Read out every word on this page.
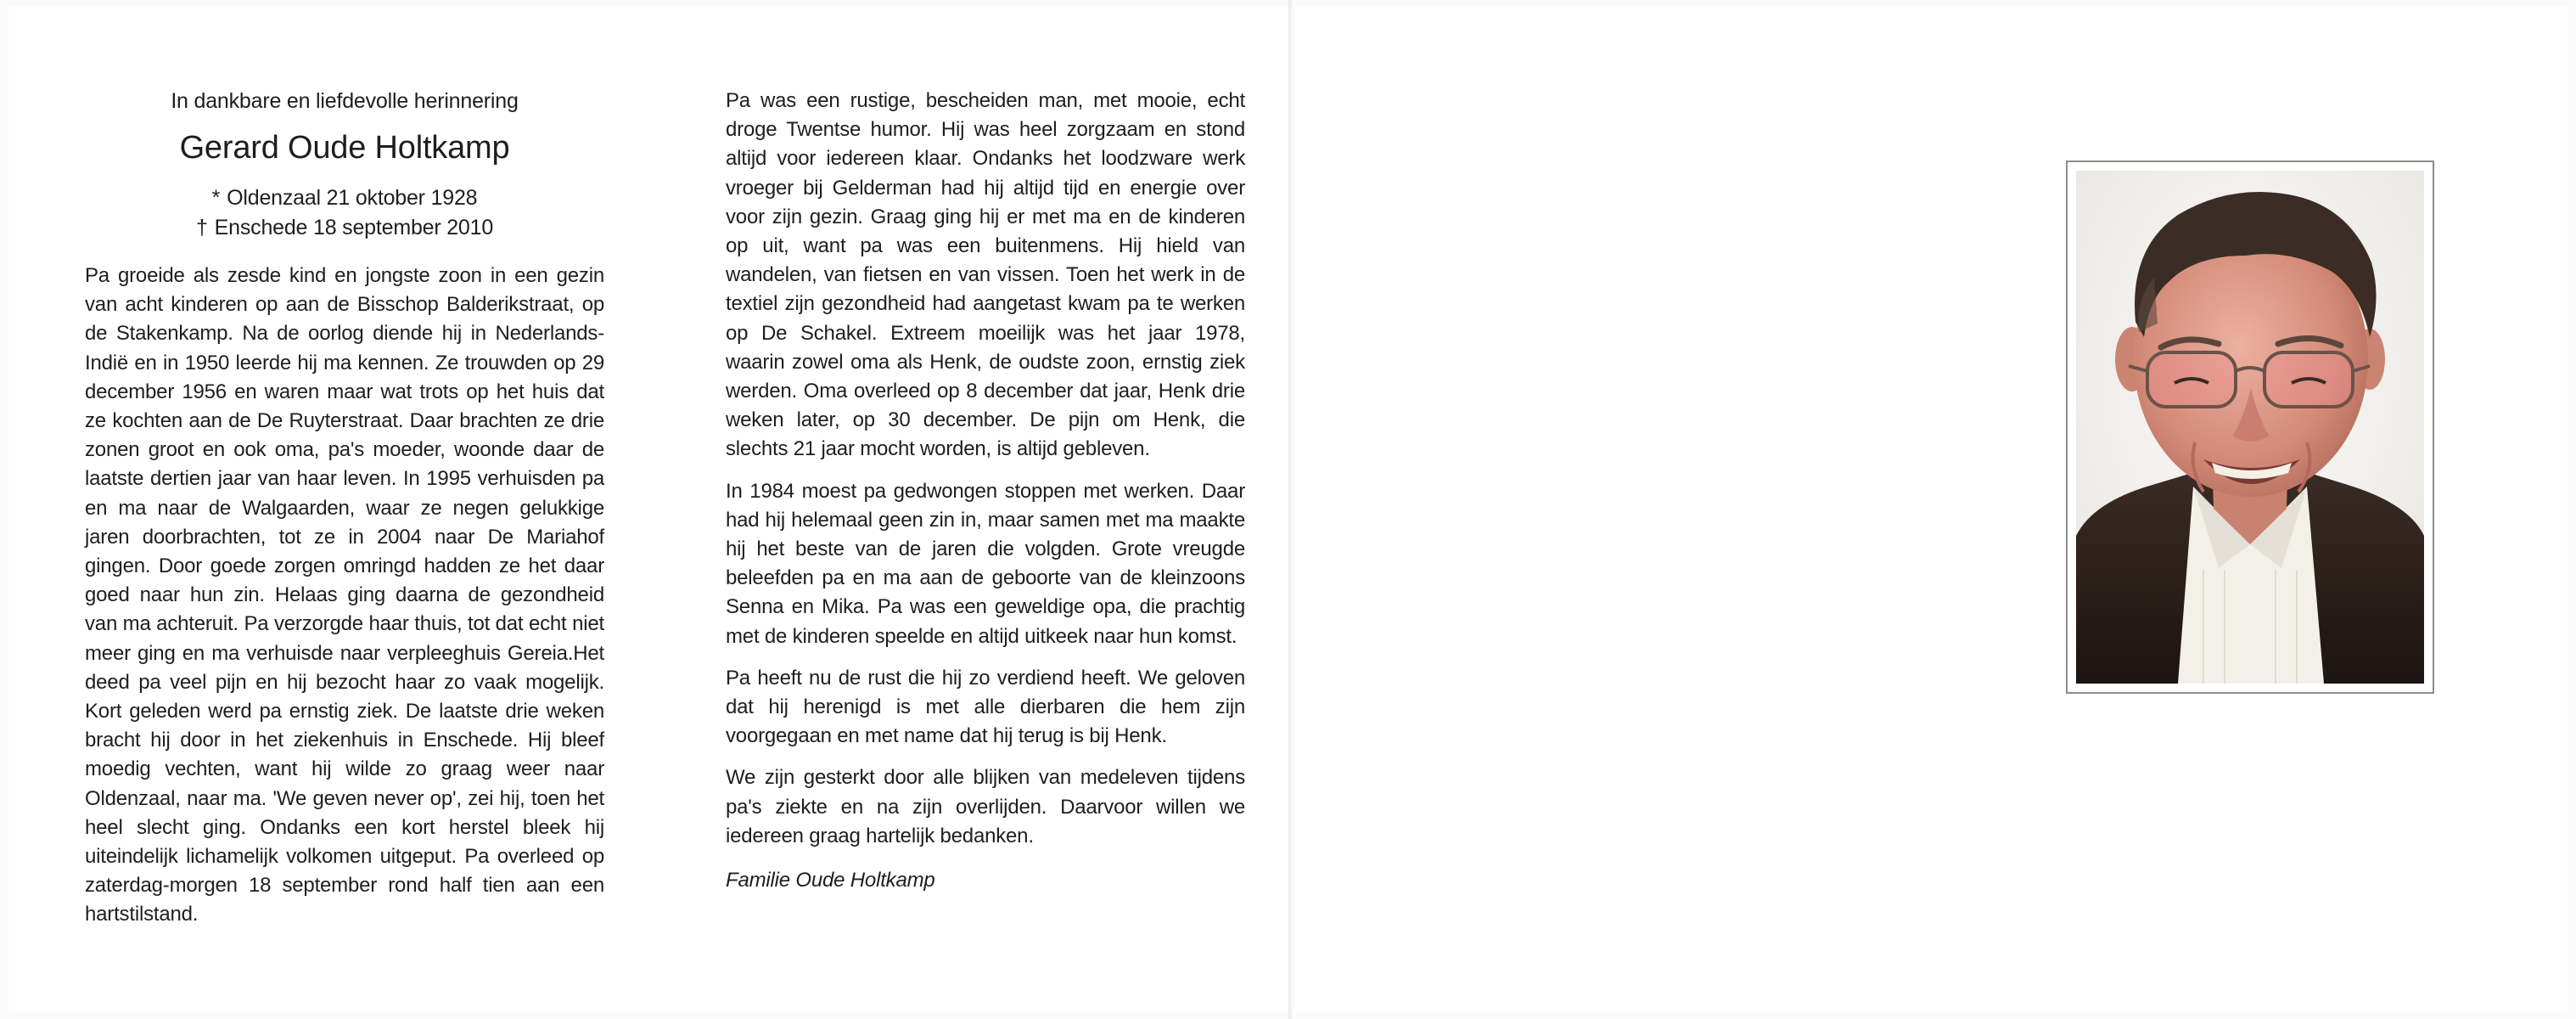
In dankbare en liefdevolle herinnering
Gerard Oude Holtkamp
* Oldenzaal 21 oktober 1928
† Enschede 18 september 2010

Pa groeide als zesde kind en jongste zoon in een gezin van acht kinderen op aan de Bisschop Balderikstraat, op de Stakenkamp. Na de oorlog diende hij in Nederlands-Indië en in 1950 leerde hij ma kennen. Ze trouwden op 29 december 1956 en waren maar wat trots op het huis dat ze kochten aan de De Ruyterstraat. Daar brachten ze drie zonen groot en ook oma, pa's moeder, woonde daar de laatste dertien jaar van haar leven. In 1995 verhuisden pa en ma naar de Walgaarden, waar ze negen gelukkige jaren doorbrachten, tot ze in 2004 naar De Mariahof gingen. Door goede zorgen omringd hadden ze het daar goed naar hun zin. Helaas ging daarna de gezondheid van ma achteruit. Pa verzorgde haar thuis, tot dat echt niet meer ging en ma verhuisde naar verpleeghuis Gereia.Het deed pa veel pijn en hij bezocht haar zo vaak mogelijk. Kort geleden werd pa ernstig ziek. De laatste drie weken bracht hij door in het ziekenhuis in Enschede. Hij bleef moedig vechten, want hij wilde zo graag weer naar Oldenzaal, naar ma. 'We geven never op', zei hij, toen het heel slecht ging. Ondanks een kort herstel bleek hij uiteindelijk lichamelijk volkomen uitgeput. Pa overleed op zaterdag-morgen 18 september rond half tien aan een hartstilstand.

Pa was een rustige, bescheiden man, met mooie, echt droge Twentse humor. Hij was heel zorgzaam en stond altijd voor iedereen klaar. Ondanks het loodzware werk vroeger bij Gelderman had hij altijd tijd en energie over voor zijn gezin. Graag ging hij er met ma en de kinderen op uit, want pa was een buitenmens. Hij hield van wandelen, van fietsen en van vissen. Toen het werk in de textiel zijn gezondheid had aangetast kwam pa te werken op De Schakel. Extreem moeilijk was het jaar 1978, waarin zowel oma als Henk, de oudste zoon, ernstig ziek werden. Oma overleed op 8 december dat jaar, Henk drie weken later, op 30 december. De pijn om Henk, die slechts 21 jaar mocht worden, is altijd gebleven.

In 1984 moest pa gedwongen stoppen met werken. Daar had hij helemaal geen zin in, maar samen met ma maakte hij het beste van de jaren die volgden. Grote vreugde beleefden pa en ma aan de geboorte van de kleinzoons Senna en Mika. Pa was een geweldige opa, die prachtig met de kinderen speelde en altijd uitkeek naar hun komst.

Pa heeft nu de rust die hij zo verdiend heeft. We geloven dat hij herenigd is met alle dierbaren die hem zijn voorgegaan en met name dat hij terug is bij Henk.

We zijn gesterkt door alle blijken van medeleven tijdens pa's ziekte en na zijn overlijden. Daarvoor willen we iedereen graag hartelijk bedanken.

Familie Oude Holtkamp
